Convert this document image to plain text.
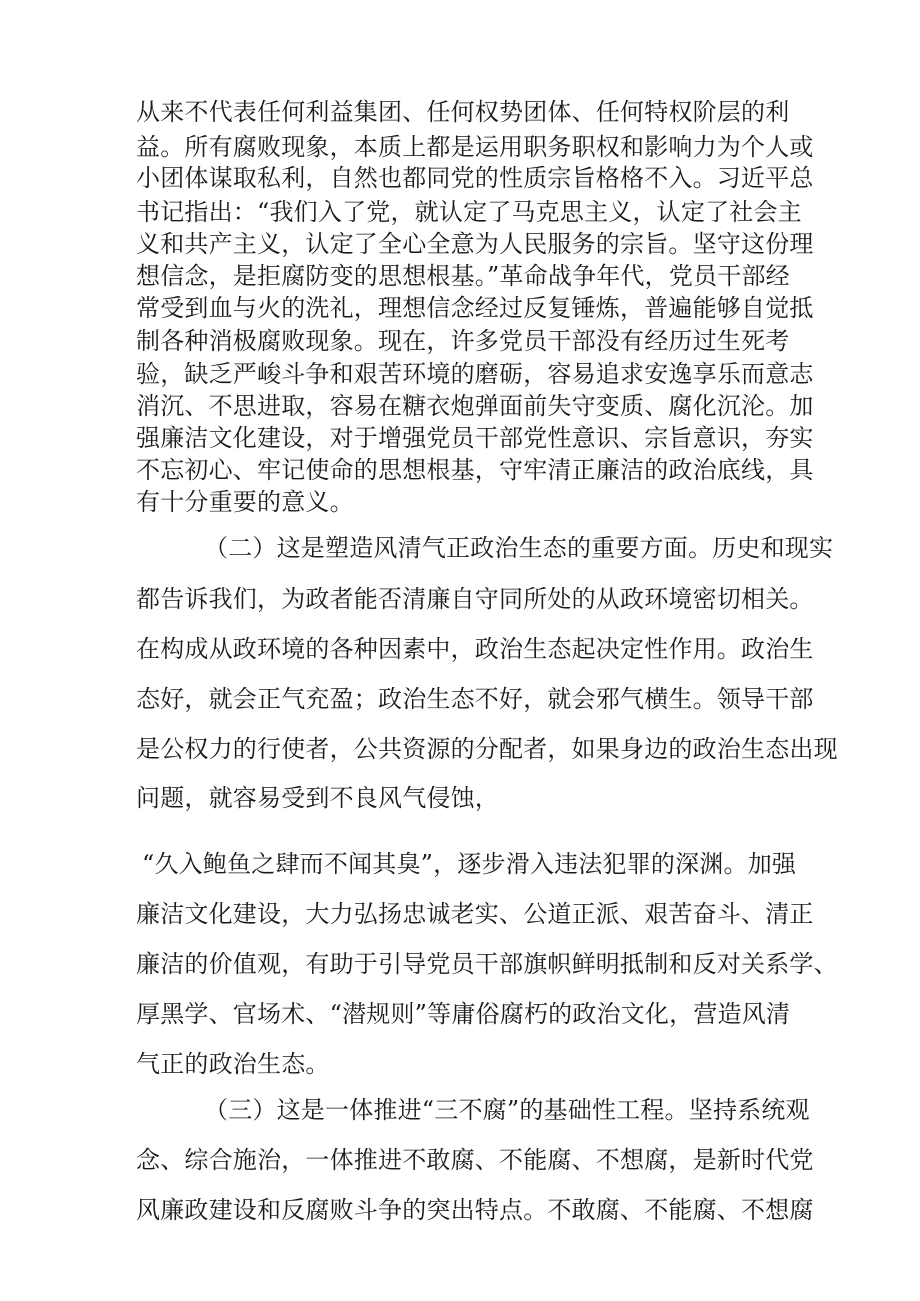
从来不代表任何利益集团、任何权势团体、任何特权阶层的利
益。所有腐败现象，本质上都是运用职务职权和影响力为个人或
小团体谋取私利，自然也都同党的性质宗旨格格不入。习近平总
书记指出：“我们入了党，就认定了马克思主义，认定了社会主
义和共产主义，认定了全心全意为人民服务的宗旨。坚守这份理
想信念，是拒腐防变的思想根基。”革命战争年代，党员干部经
常受到血与火的洗礼，理想信念经过反复锤炼，普遍能够自觉抵
制各种消极腐败现象。现在，许多党员干部没有经历过生死考
验，缺乏严峻斗争和艰苦环境的磨砺，容易追求安逸享乐而意志
消沉、不思进取，容易在糖衣炮弹面前失守变质、腐化沉沦。加
强廉洁文化建设，对于增强党员干部党性意识、宗旨意识，夯实
不忘初心、牢记使命的思想根基，守牢清正廉洁的政治底线，具
有十分重要的意义。
（二）这是塑造风清气正政治生态的重要方面。历史和现实
都告诉我们，为政者能否清廉自守同所处的从政环境密切相关。
在构成从政环境的各种因素中，政治生态起决定性作用。政治生
态好，就会正气充盈；政治生态不好，就会邪气横生。领导干部
是公权力的行使者，公共资源的分配者，如果身边的政治生态出现
问题，就容易受到不良风气侵蚀，
“久入鲍鱼之肆而不闻其臭”，逐步滑入违法犯罪的深渊。加强
廉洁文化建设，大力弘扬忠诚老实、公道正派、艰苦奋斗、清正
廉洁的价值观，有助于引导党员干部旗帜鲜明抵制和反对关系学、
厚黑学、官场术、“潜规则”等庸俗腐朽的政治文化，营造风清
气正的政治生态。
（三）这是一体推进“三不腐”的基础性工程。坚持系统观
念、综合施治，一体推进不敢腐、不能腐、不想腐，是新时代党
风廉政建设和反腐败斗争的突出特点。不敢腐、不能腐、不想腐
